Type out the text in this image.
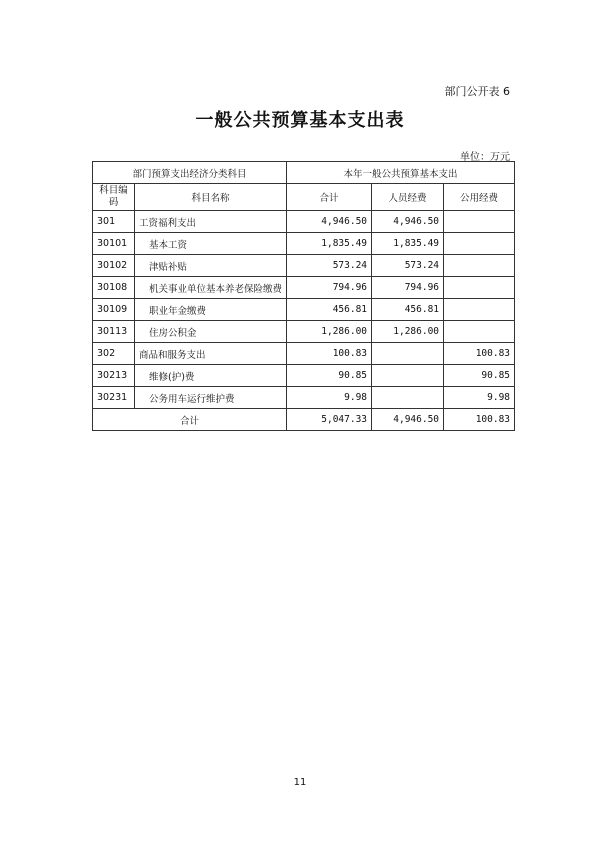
部门公开表 6
一般公共预算基本支出表
单位：万元
部门预算支出经济分类科目		本年一般公共预算基本支出		
科目编码	科目名称	合计	人员经费	公用经费
301	工资福利支出	4,946.50	4,946.50	
30101	基本工资	1,835.49	1,835.49	
30102	津贴补贴	573.24	573.24	
30108	机关事业单位基本养老保险缴费	794.96	794.96	
30109	职业年金缴费	456.81	456.81	
30113	住房公积金	1,286.00	1,286.00	
302	商品和服务支出	100.83		100.83
30213	维修(护)费	90.85		90.85
30231	公务用车运行维护费	9.98		9.98
合计		5,047.33	4,946.50	100.83
11
